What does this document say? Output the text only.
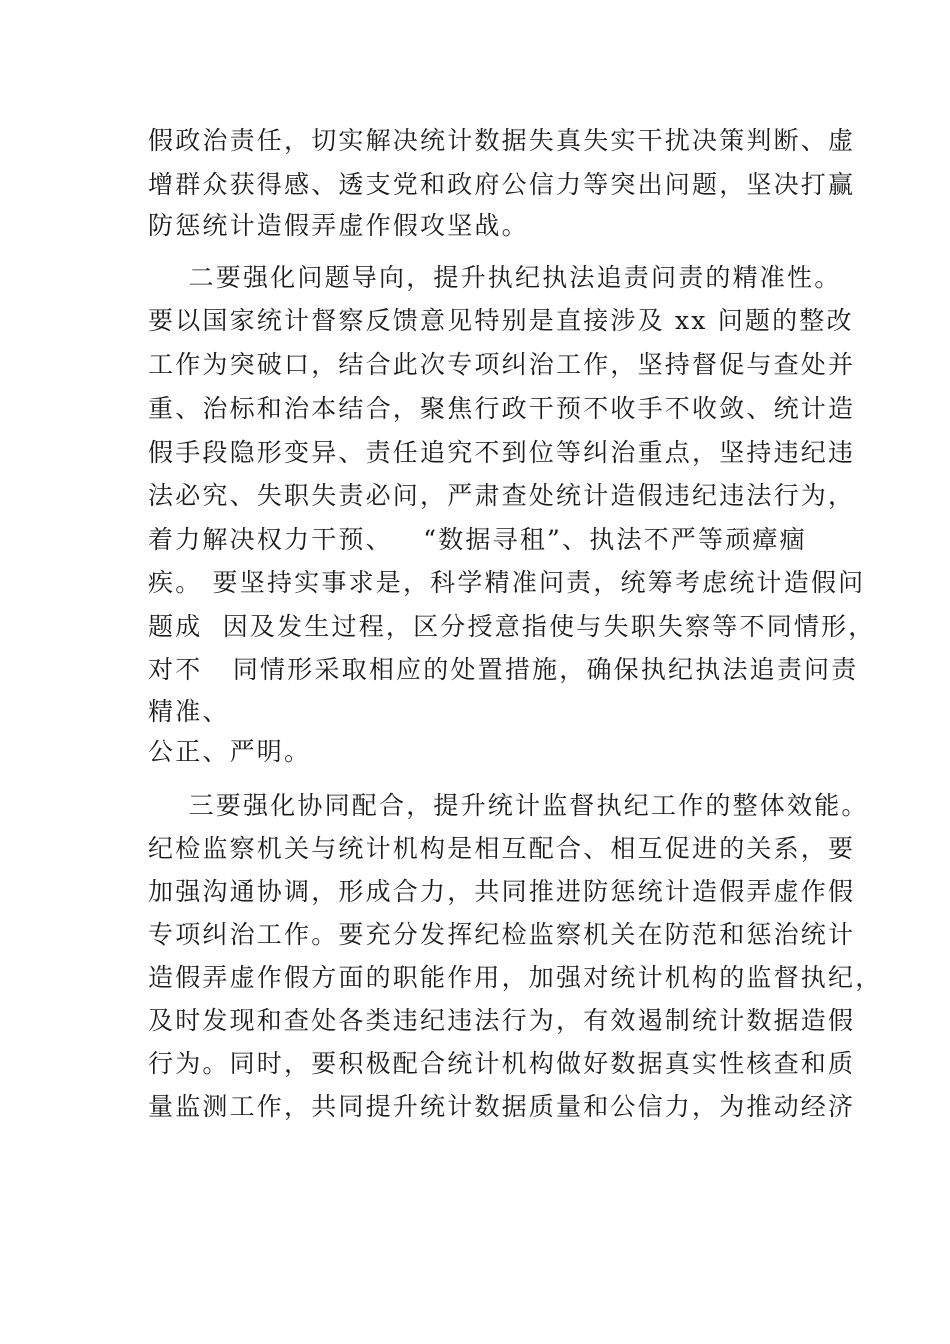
假政治责任，切实解决统计数据失真失实干扰决策判断、虚
增群众获得感、透支党和政府公信力等突出问题，坚决打赢
防惩统计造假弄虚作假攻坚战。
二要强化问题导向，提升执纪执法追责问责的精准性。
要以国家统计督察反馈意见特别是直接涉及 xx 问题的整改
工作为突破口，结合此次专项纠治工作，坚持督促与查处并
重、治标和治本结合，聚焦行政干预不收手不收敛、统计造
假手段隐形变异、责任追究不到位等纠治重点，坚持违纪违
法必究、失职失责必问，严肃查处统计造假违纪违法行为，
着力解决权力干预、   “数据寻租”、执法不严等顽瘴痼
疾。 要坚持实事求是，科学精准问责，统筹考虑统计造假问
题成  因及发生过程，区分授意指使与失职失察等不同情形，
对不   同情形采取相应的处置措施，确保执纪执法追责问责
精准、
公正、严明。
三要强化协同配合，提升统计监督执纪工作的整体效能。
纪检监察机关与统计机构是相互配合、相互促进的关系，要
加强沟通协调，形成合力，共同推进防惩统计造假弄虚作假
专项纠治工作。要充分发挥纪检监察机关在防范和惩治统计
造假弄虚作假方面的职能作用，加强对统计机构的监督执纪，
及时发现和查处各类违纪违法行为，有效遏制统计数据造假
行为。同时，要积极配合统计机构做好数据真实性核查和质
量监测工作，共同提升统计数据质量和公信力，为推动经济
